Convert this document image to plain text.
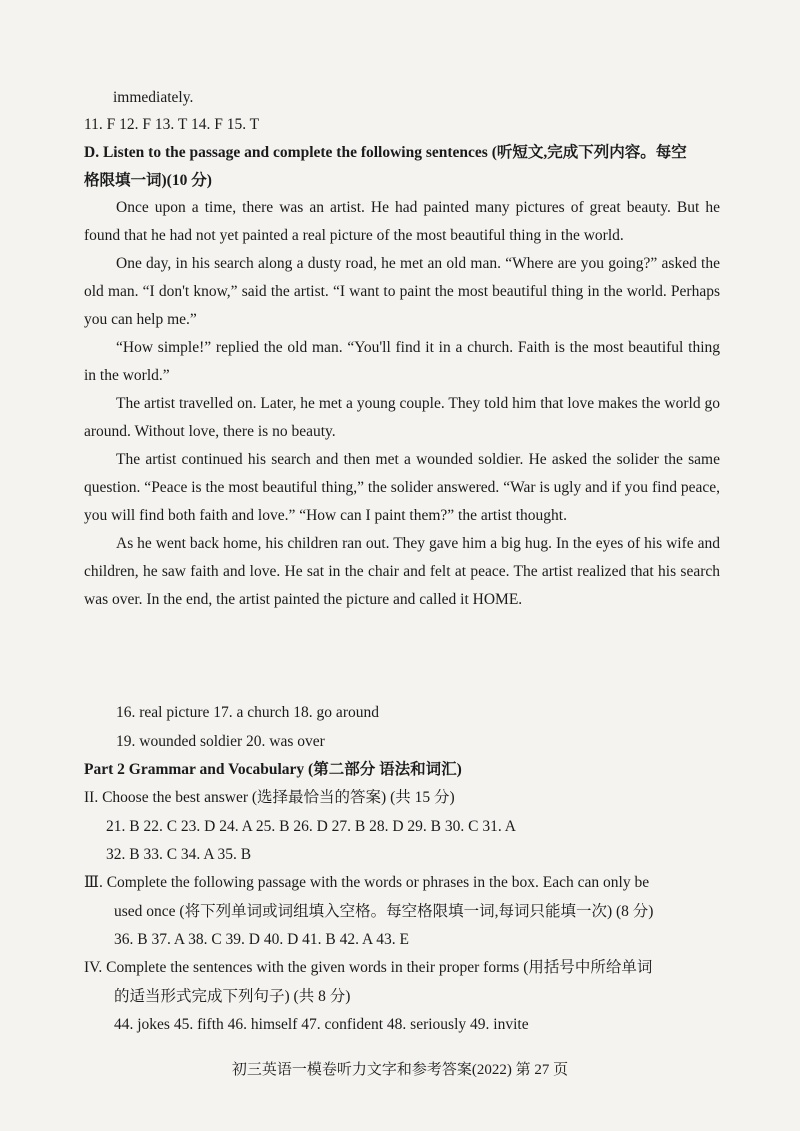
immediately.
11. F 12. F 13. T 14. F 15. T
D. Listen to the passage and complete the following sentences (听短文,完成下列内容。每空
格限填一词)(10 分)

Once upon a time, there was an artist. He had painted many pictures of great beauty. But he found that he had not yet painted a real picture of the most beautiful thing in the world.

One day, in his search along a dusty road, he met an old man. “Where are you going?” asked the old man. “I don't know,” said the artist. “I want to paint the most beautiful thing in the world. Perhaps you can help me.”

“How simple!” replied the old man. “You'll find it in a church. Faith is the most beautiful thing in the world.”

The artist travelled on. Later, he met a young couple. They told him that love makes the world go around. Without love, there is no beauty.

The artist continued his search and then met a wounded soldier. He asked the solider the same question. “Peace is the most beautiful thing,” the solider answered. “War is ugly and if you find peace, you will find both faith and love.” “How can I paint them?” the artist thought.

As he went back home, his children ran out. They gave him a big hug. In the eyes of his wife and children, he saw faith and love. He sat in the chair and felt at peace. The artist realized that his search was over. In the end, the artist painted the picture and called it HOME.

16. real picture 17. a church 18. go around
19. wounded soldier 20. was over
Part 2 Grammar and Vocabulary (第二部分 语法和词汇)
II. Choose the best answer (选择最恰当的答案) (共 15 分)
21. B 22. C 23. D 24. A 25. B 26. D 27. B 28. D 29. B 30. C 31. A
32. B 33. C 34. A 35. B
Ⅲ. Complete the following passage with the words or phrases in the box. Each can only be
used once (将下列单词或词组填入空格。每空格限填一词,每词只能填一次) (8 分)
36. B 37. A 38. C 39. D 40. D 41. B 42. A 43. E
IV. Complete the sentences with the given words in their proper forms (用括号中所给单词
的适当形式完成下列句子) (共 8 分)
44. jokes 45. fifth 46. himself 47. confident 48. seriously 49. invite
初三英语一模卷听力文字和参考答案(2022) 第 27 页
